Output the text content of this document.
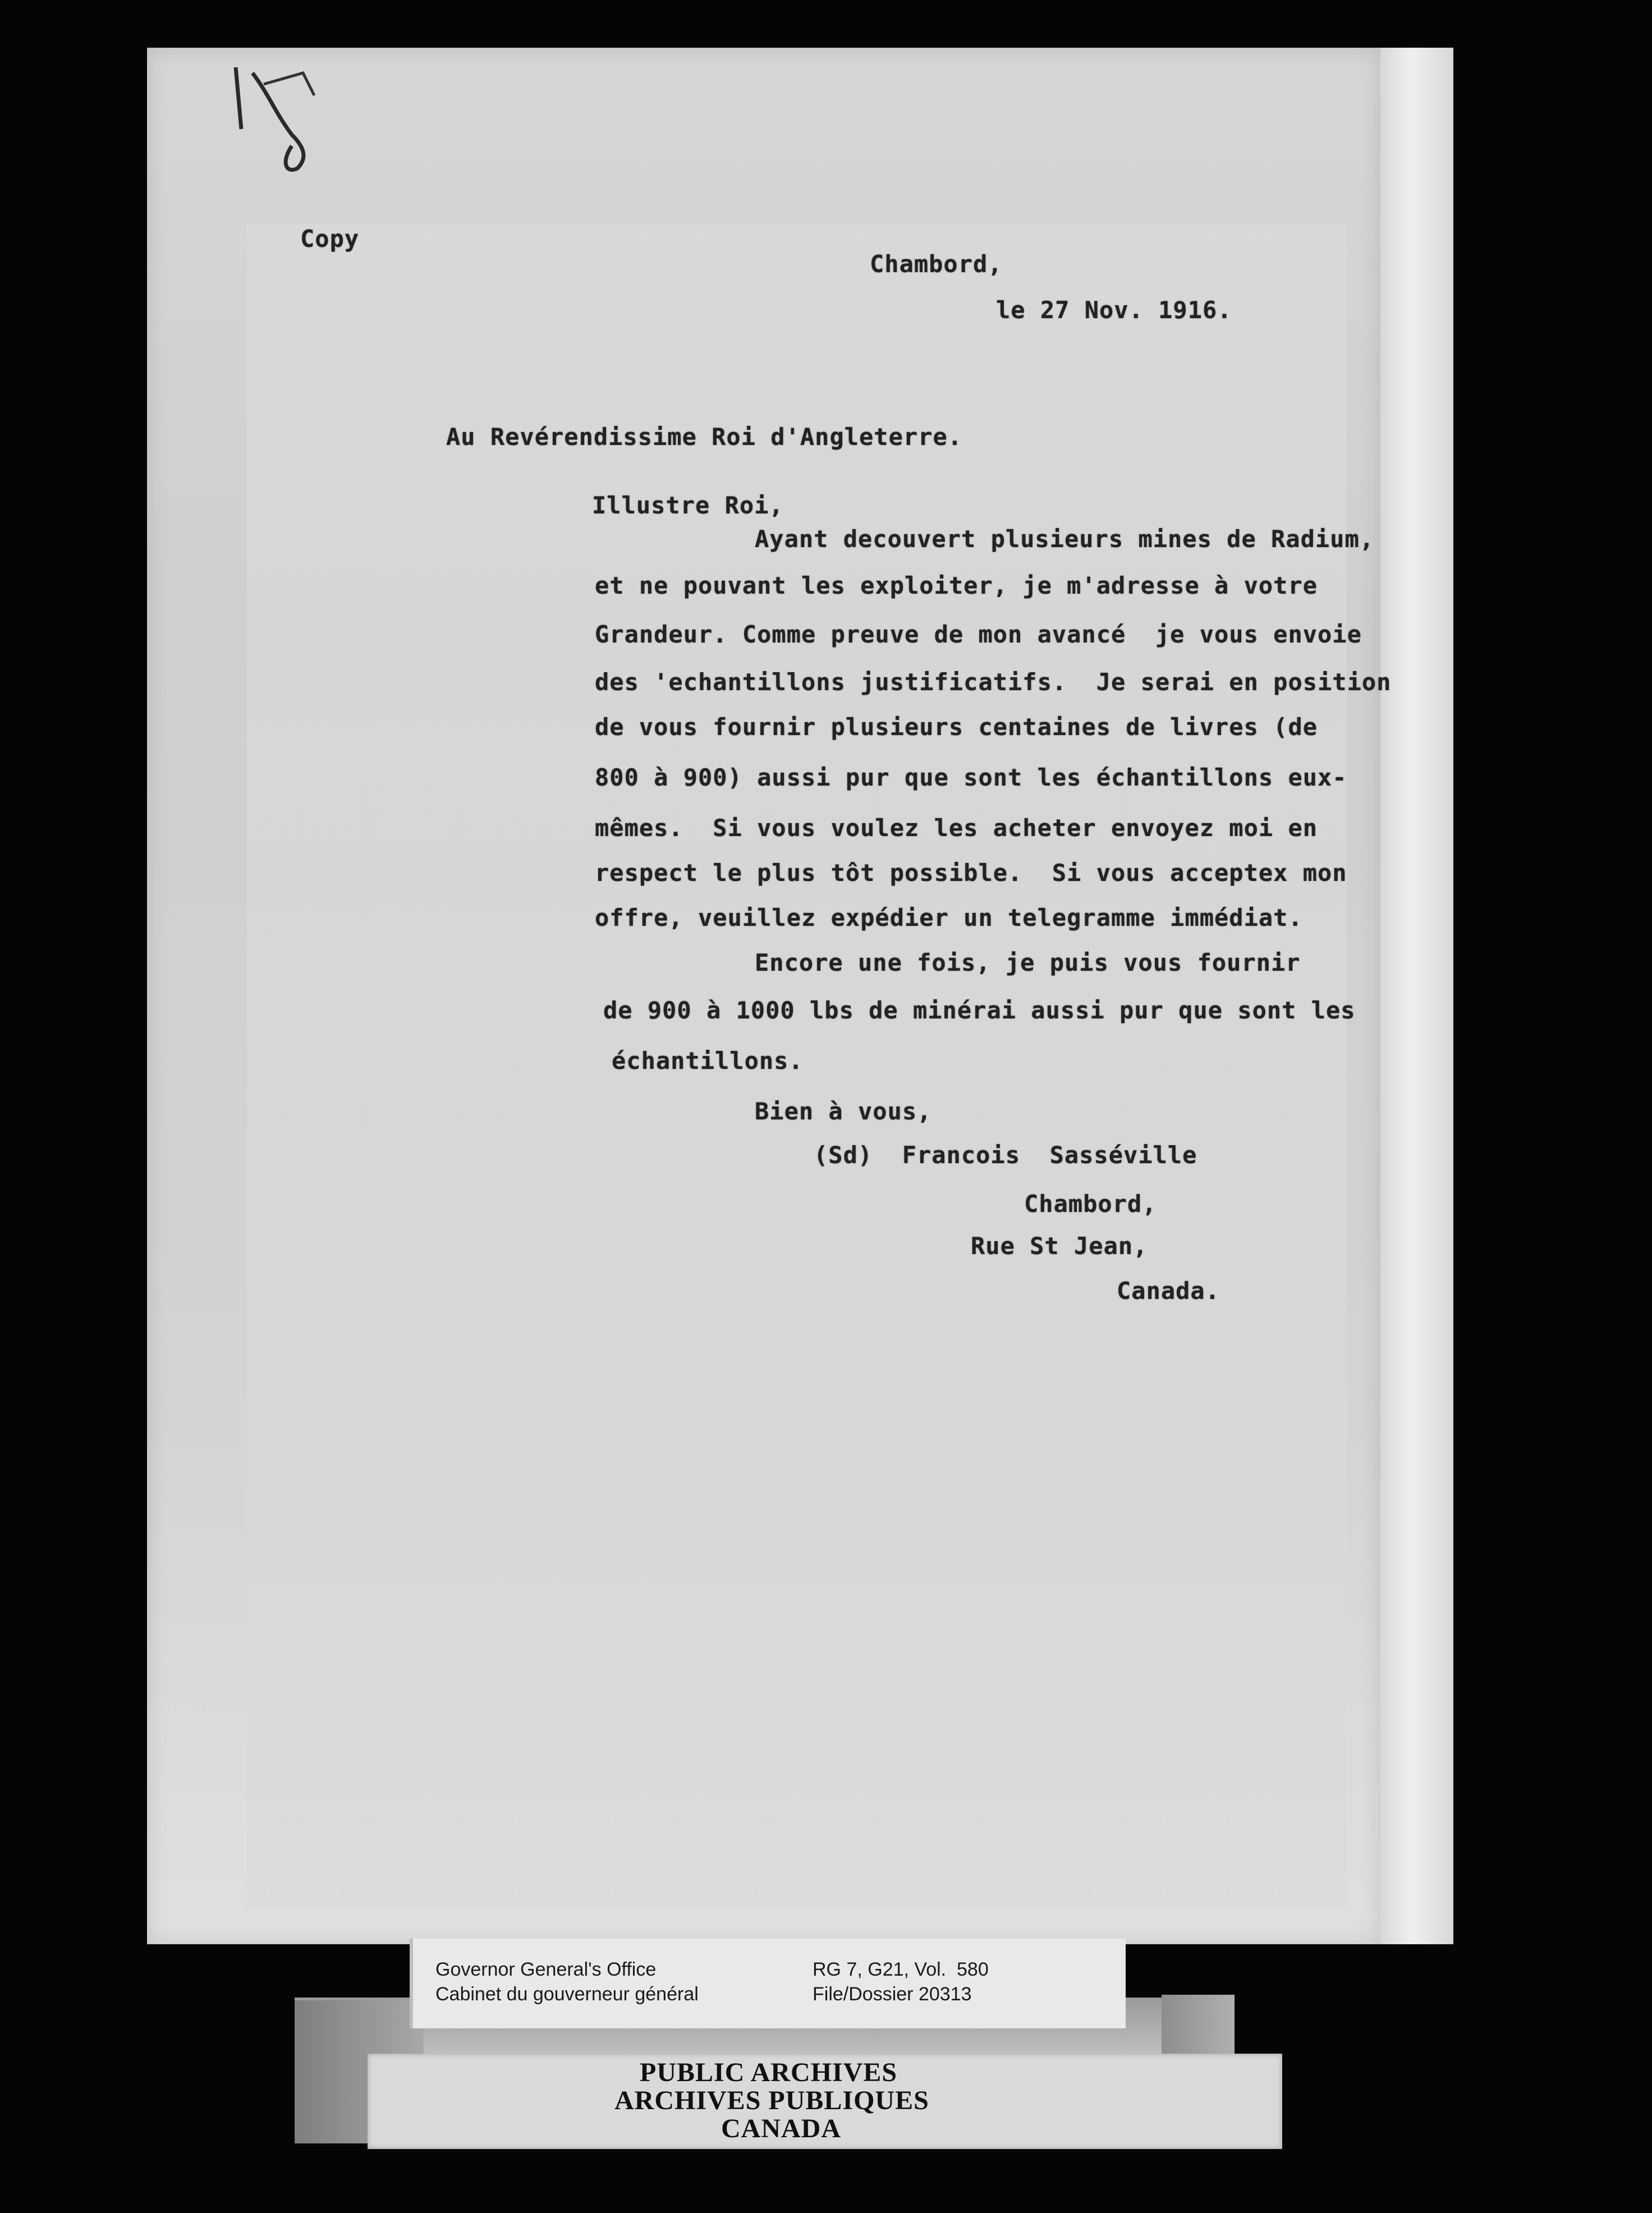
Copy
Chambord,
le 27 Nov. 1916.
Au Revérendissime Roi d'Angleterre.
Illustre Roi,
Ayant decouvert plusieurs mines de Radium,
et ne pouvant les exploiter, je m'adresse à votre
Grandeur. Comme preuve de mon avancé  je vous envoie
des 'echantillons justificatifs.  Je serai en position
de vous fournir plusieurs centaines de livres (de
800 à 900) aussi pur que sont les échantillons eux-
mêmes.  Si vous voulez les acheter envoyez moi en
respect le plus tôt possible.  Si vous acceptex mon
offre, veuillez expédier un telegramme immédiat.
Encore une fois, je puis vous fournir
de 900 à 1000 lbs de minérai aussi pur que sont les
échantillons.
Bien à vous,
(Sd)  Francois  Sasséville
Chambord,
Rue St Jean,
Canada.
Governor General's Office
Cabinet du gouverneur général
RG 7, G21, Vol.  580
File/Dossier 20313
PUBLIC ARCHIVES
ARCHIVES PUBLIQUES
CANADA
